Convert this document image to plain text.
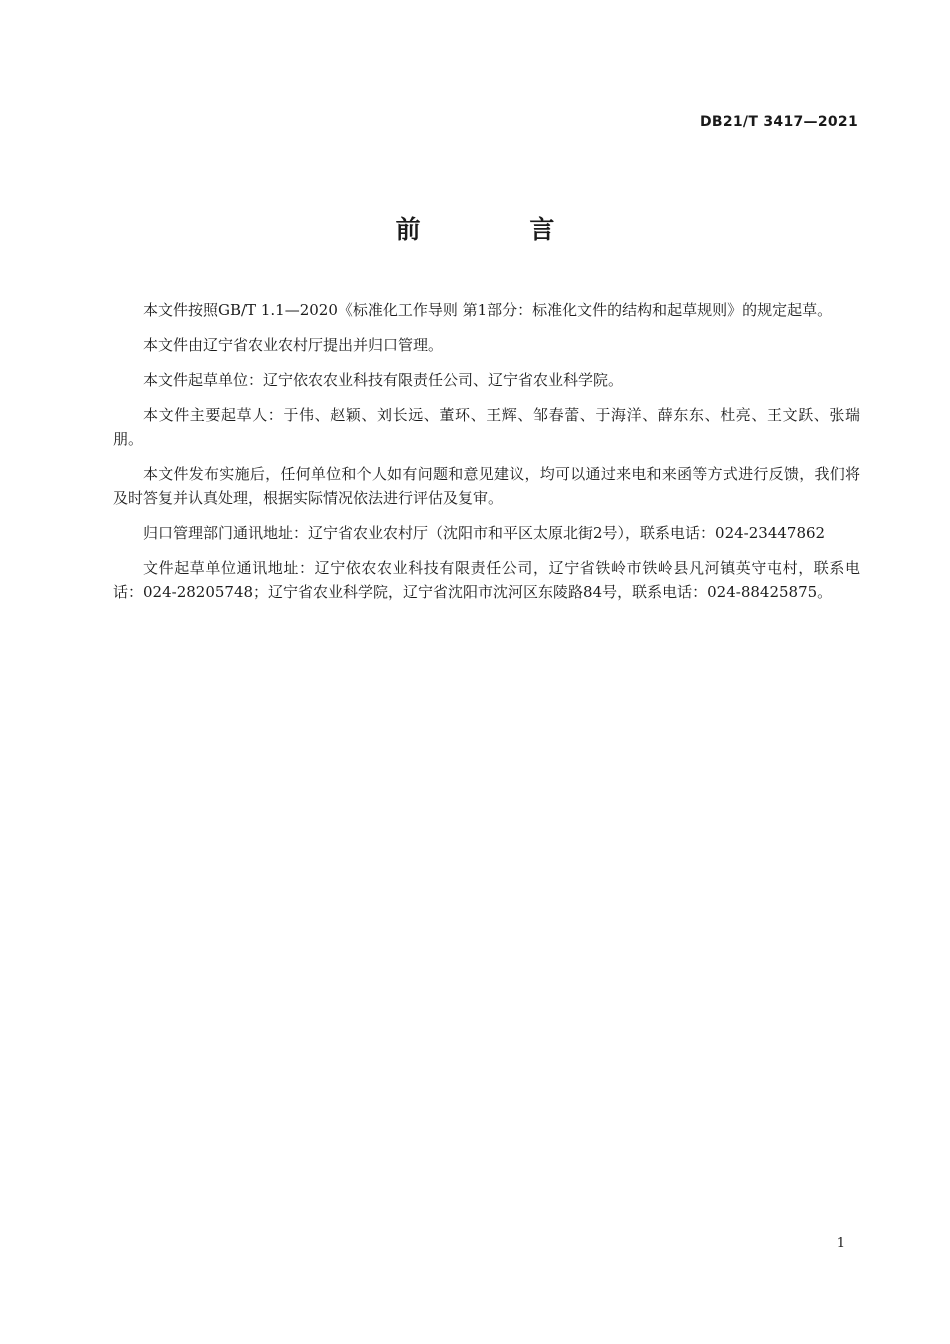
DB21/T 3417—2021
前 言

本文件按照GB/T 1.1—2020《标准化工作导则 第1部分：标准化文件的结构和起草规则》的规定起草。

本文件由辽宁省农业农村厅提出并归口管理。

本文件起草单位：辽宁依农农业科技有限责任公司、辽宁省农业科学院。

本文件主要起草人：于伟、赵颖、刘长远、董环、王辉、邹春蕾、于海洋、薛东东、杜亮、王文跃、张瑞朋。

本文件发布实施后，任何单位和个人如有问题和意见建议，均可以通过来电和来函等方式进行反馈，我们将及时答复并认真处理，根据实际情况依法进行评估及复审。

归口管理部门通讯地址：辽宁省农业农村厅（沈阳市和平区太原北街2号），联系电话：024-23447862

文件起草单位通讯地址：辽宁依农农业科技有限责任公司，辽宁省铁岭市铁岭县凡河镇英守屯村，联系电话：024-28205748；辽宁省农业科学院，辽宁省沈阳市沈河区东陵路84号，联系电话：024-88425875。

1
